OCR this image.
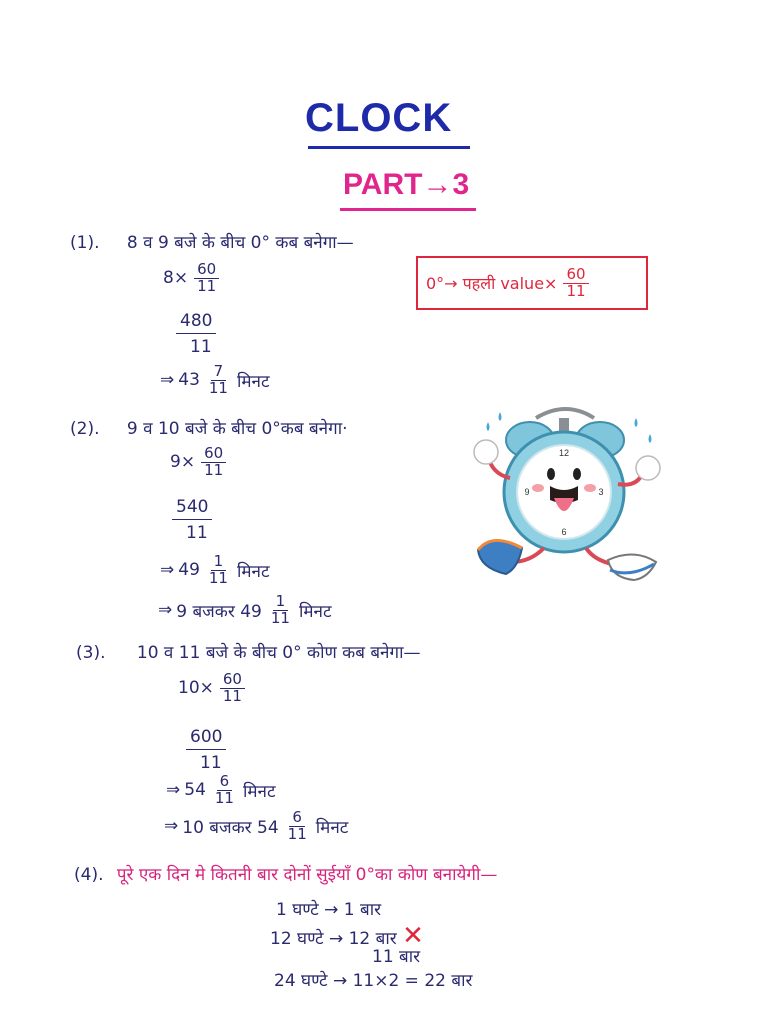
CLOCK
PART→3
(1). 8 व 9 बजे के बीच 0° कब बनेगा—
$8\times \frac{60}{11}$
$\frac{480}{11}$
⇒ $43 \frac{7}{11}$ मिनट
0°→ पहली value× $\frac{60}{11}$
(2). 9 व 10 बजे के बीच 0°कब बनेगा·
$9\times \frac{60}{11}$
$\frac{540}{11}$
⇒ $49 \frac{1}{11}$ मिनट
⇒ 9 बजकर $49 \frac{1}{11}$ मिनट
12
3
6
9
(3). 10 व 11 बजे के बीच 0° कोण कब बनेगा—
$10\times \frac{60}{11}$
$\frac{600}{11}$
⇒ $54 \frac{6}{11}$ मिनट
⇒ 10 बजकर $54 \frac{6}{11}$ मिनट
(4). पूरे एक दिन मे कितनी बार दोनों सुईयाँ 0°का कोण बनायेगी—
1 घण्टे → 1 बार
12 घण्टे → 12 बार ✕
11 बार
24 घण्टे → 11×2 = 22 बार
